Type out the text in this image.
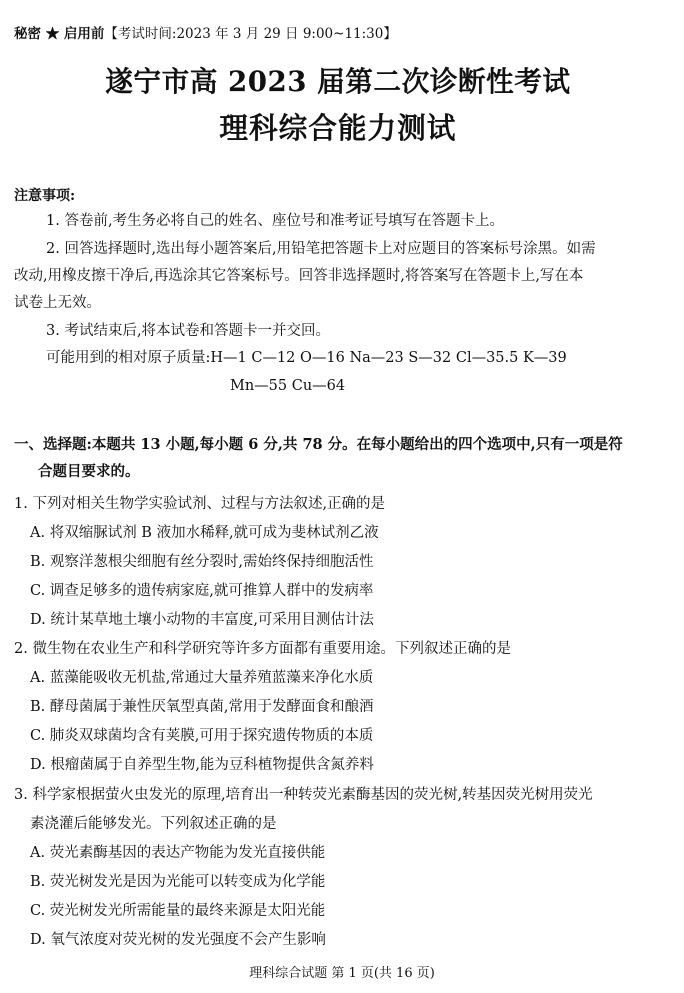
秘密 ★ 启用前【考试时间:2023 年 3 月 29 日 9:00~11:30】
遂宁市高 2023 届第二次诊断性考试
理科综合能力测试
注意事项:
1. 答卷前,考生务必将自己的姓名、座位号和准考证号填写在答题卡上。
2. 回答选择题时,选出每小题答案后,用铅笔把答题卡上对应题目的答案标号涂黑。如需
改动,用橡皮擦干净后,再选涂其它答案标号。回答非选择题时,将答案写在答题卡上,写在本
试卷上无效。
3. 考试结束后,将本试卷和答题卡一并交回。
可能用到的相对原子质量:H—1 C—12 O—16 Na—23 S—32 Cl—35.5 K—39
Mn—55 Cu—64
一、选择题:本题共 13 小题,每小题 6 分,共 78 分。在每小题给出的四个选项中,只有一项是符
合题目要求的。
1. 下列对相关生物学实验试剂、过程与方法叙述,正确的是
A. 将双缩脲试剂 B 液加水稀释,就可成为斐林试剂乙液
B. 观察洋葱根尖细胞有丝分裂时,需始终保持细胞活性
C. 调查足够多的遗传病家庭,就可推算人群中的发病率
D. 统计某草地土壤小动物的丰富度,可采用目测估计法
2. 微生物在农业生产和科学研究等许多方面都有重要用途。下列叙述正确的是
A. 蓝藻能吸收无机盐,常通过大量养殖蓝藻来净化水质
B. 酵母菌属于兼性厌氧型真菌,常用于发酵面食和酿酒
C. 肺炎双球菌均含有荚膜,可用于探究遗传物质的本质
D. 根瘤菌属于自养型生物,能为豆科植物提供含氮养料
3. 科学家根据萤火虫发光的原理,培育出一种转荧光素酶基因的荧光树,转基因荧光树用荧光
素浇灌后能够发光。下列叙述正确的是
A. 荧光素酶基因的表达产物能为发光直接供能
B. 荧光树发光是因为光能可以转变成为化学能
C. 荧光树发光所需能量的最终来源是太阳光能
D. 氧气浓度对荧光树的发光强度不会产生影响
理科综合试题 第 1 页(共 16 页)
